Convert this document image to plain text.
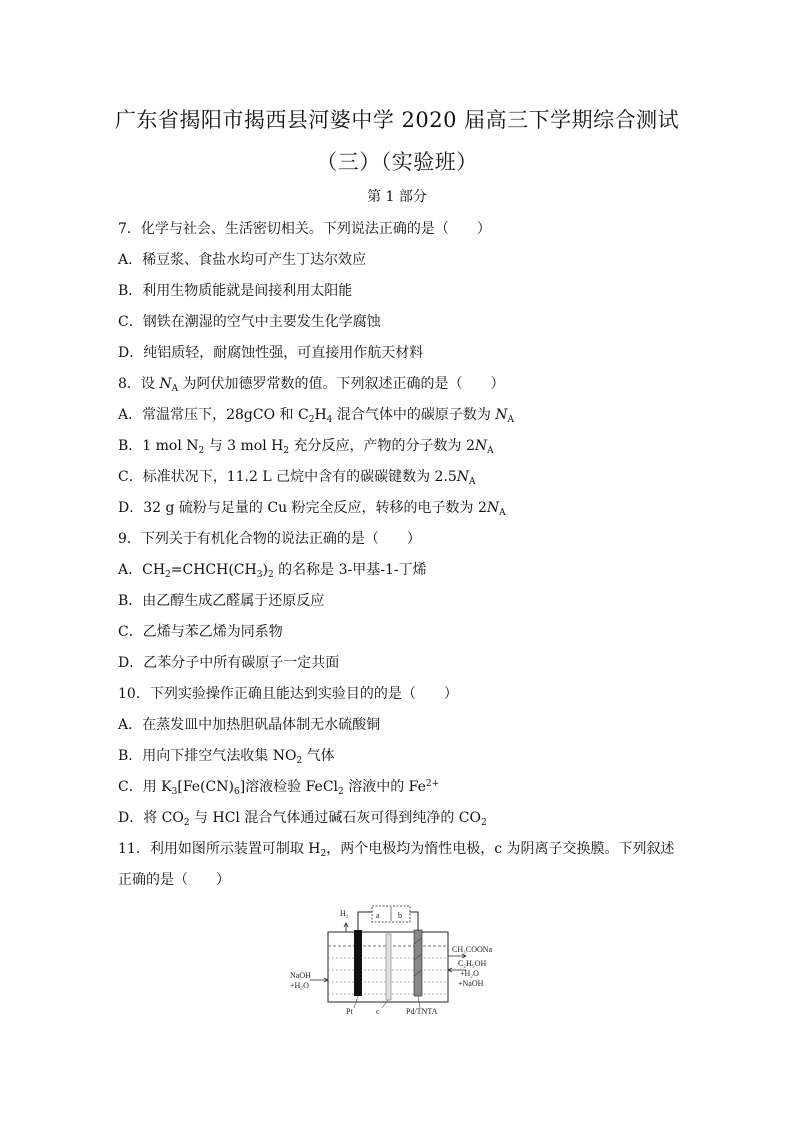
广东省揭阳市揭西县河婆中学 2020 届高三下学期综合测试
（三）（实验班）
第 1 部分
7．化学与社会、生活密切相关。下列说法正确的是（　　）
A．稀豆浆、食盐水均可产生丁达尔效应
B．利用生物质能就是间接利用太阳能
C．钢铁在潮湿的空气中主要发生化学腐蚀
D．纯铝质轻，耐腐蚀性强，可直接用作航天材料
8．设 $N_A$ 为阿伏加德罗常数的值。下列叙述正确的是（　　）
A．常温常压下，28gCO 和 $C_2H_4$ 混合气体中的碳原子数为 $N_A$
B．1 mol $N_2$ 与 3 mol $H_2$ 充分反应，产物的分子数为 $2N_A$
C．标准状况下，11.2 L 己烷中含有的碳碳键数为 $2.5N_A$
D．32 g 硫粉与足量的 Cu 粉完全反应，转移的电子数为 $2N_A$
9．下列关于有机化合物的说法正确的是（　　）
A．$CH_2=CHCH(CH_3)_2$ 的名称是 3-甲基-1-丁烯
B．由乙醇生成乙醛属于还原反应
C．乙烯与苯乙烯为同系物
D．乙苯分子中所有碳原子一定共面
10．下列实验操作正确且能达到实验目的的是（　　）
A．在蒸发皿中加热胆矾晶体制无水硫酸铜
B．用向下排空气法收集 $NO_2$ 气体
C．用 $K_3[Fe(CN)_6]$溶液检验 FeCl$_2$ 溶液中的 $Fe^{2+}$
D．将 $CO_2$ 与 HCl 混合气体通过碱石灰可得到纯净的 $CO_2$
11．利用如图所示装置可制取 $H_2$，两个电极均为惰性电极，c 为阴离子交换膜。下列叙述
正确的是（　　）
a b
H₂
NaOH
+H₂O
CH₃COONa
C₂H₅OH
+H₂O
+NaOH
Pt	c	Pd/TNTA
